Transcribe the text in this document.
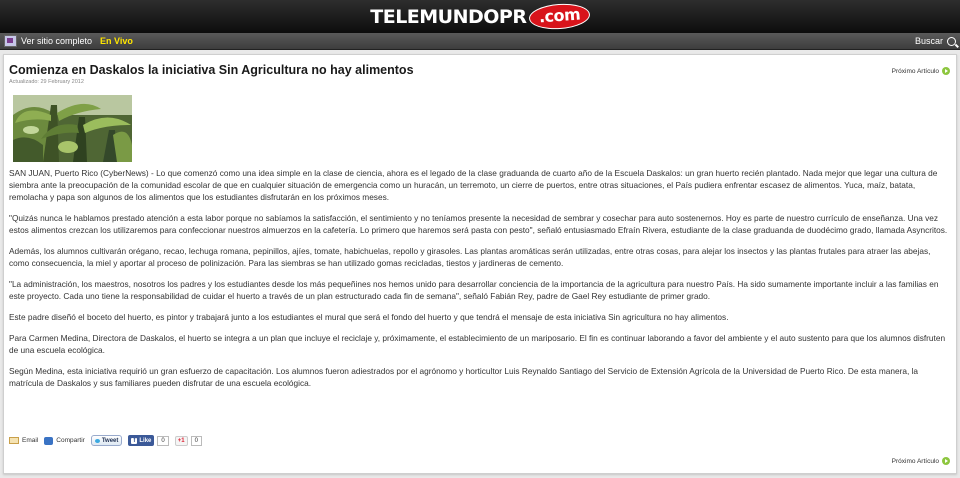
TELEMUNDOPR .com
Ver sitio completo En Vivo	Buscar
Comienza en Daskalos la iniciativa Sin Agricultura no hay alimentos
Actualizado: 29 February 2012
Próximo Artículo

SAN JUAN, Puerto Rico (CyberNews) - Lo que comenzó como una idea simple en la clase de ciencia, ahora es el legado de la clase graduanda de cuarto año de la Escuela Daskalos: un gran huerto recién plantado. Nada mejor que legar una cultura de siembra ante la preocupación de la comunidad escolar de que en cualquier situación de emergencia como un huracán, un terremoto, un cierre de puertos, entre otras situaciones, el País pudiera enfrentar escasez de alimentos. Yuca, maíz, batata, remolacha y papa son algunos de los alimentos que los estudiantes disfrutarán en los próximos meses.

"Quizás nunca le hablamos prestado atención a esta labor porque no sabíamos la satisfacción, el sentimiento y no teníamos presente la necesidad de sembrar y cosechar para auto sostenernos. Hoy es parte de nuestro currículo de enseñanza. Una vez estos alimentos crezcan los utilizaremos para confeccionar nuestros almuerzos en la cafetería. Lo primero que haremos será pasta con pesto", señaló entusiasmado Efraín Rivera, estudiante de la clase graduanda de duodécimo grado, llamada Asyncritos.

Además, los alumnos cultivarán orégano, recao, lechuga romana, pepinillos, ajíes, tomate, habichuelas, repollo y girasoles. Las plantas aromáticas serán utilizadas, entre otras cosas, para alejar los insectos y las plantas frutales para atraer las abejas, como consecuencia, la miel y aportar al proceso de polinización. Para las siembras se han utilizado gomas recicladas, tiestos y jardineras de cemento.

"La administración, los maestros, nosotros los padres y los estudiantes desde los más pequeñines nos hemos unido para desarrollar conciencia de la importancia de la agricultura para nuestro País. Ha sido sumamente importante incluir a las familias en este proyecto. Cada uno tiene la responsabilidad de cuidar el huerto a través de un plan estructurado cada fin de semana", señaló Fabián Rey, padre de Gael Rey estudiante de primer grado.

Este padre diseñó el boceto del huerto, es pintor y trabajará junto a los estudiantes el mural que será el fondo del huerto y que tendrá el mensaje de esta iniciativa Sin agricultura no hay alimentos.

Para Carmen Medina, Directora de Daskalos, el huerto se integra a un plan que incluye el reciclaje y, próximamente, el establecimiento de un mariposario. El fin es continuar laborando a favor del ambiente y el auto sustento para que los alumnos disfruten de una escuela ecológica.

Según Medina, esta iniciativa requirió un gran esfuerzo de capacitación. Los alumnos fueron adiestrados por el agrónomo y horticultor Luis Reynaldo Santiago del Servicio de Extensión Agrícola de la Universidad de Puerto Rico. De esta manera, la matrícula de Daskalos y sus familiares pueden disfrutar de una escuela ecológica.

Email	Compartir	Tweet	f Like	0	+1	0
Próximo Artículo
